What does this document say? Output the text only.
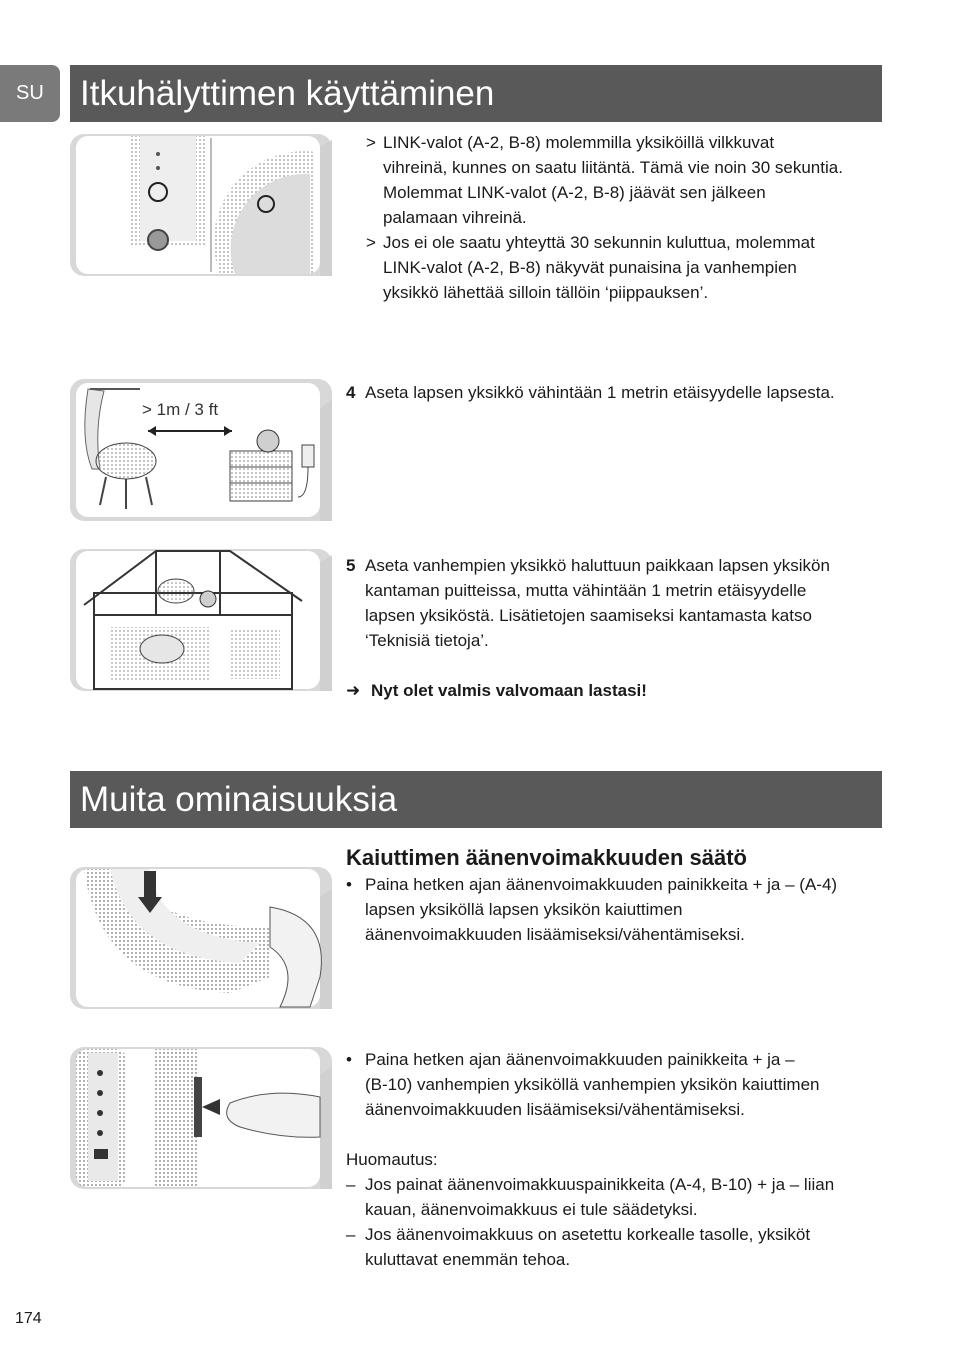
SU	Itkuhälyttimen käyttäminen
> LINK-valot (A-2, B-8) molemmilla yksiköillä vilkkuvat

vihreinä, kunnes on saatu liitäntä. Tämä vie noin 30 sekuntia.

Molemmat LINK-valot (A-2, B-8) jäävät sen jälkeen

palamaan vihreinä.

> Jos ei ole saatu yhteyttä 30 sekunnin kuluttua, molemmat

LINK-valot (A-2, B-8) näkyvät punaisina ja vanhempien

yksikkö lähettää silloin tällöin ‘piippauksen’.

> 1m / 3 ft
4 Aseta lapsen yksikkö vähintään 1 metrin etäisyydelle lapsesta.

5 Aseta vanhempien yksikkö haluttuun paikkaan lapsen yksikön

kantaman puitteissa, mutta vähintään 1 metrin etäisyydelle

lapsen yksiköstä. Lisätietojen saamiseksi kantamasta katso

‘Teknisiä tietoja’.

➜ Nyt olet valmis valvomaan lastasi!

Muita ominaisuuksia

Kaiuttimen äänenvoimakkuuden säätö

• Paina hetken ajan äänenvoimakkuuden painikkeita + ja – (A-4)

lapsen yksiköllä lapsen yksikön kaiuttimen

äänenvoimakkuuden lisäämiseksi/vähentämiseksi.

• Paina hetken ajan äänenvoimakkuuden painikkeita + ja –

(B-10) vanhempien yksiköllä vanhempien yksikön kaiuttimen

äänenvoimakkuuden lisäämiseksi/vähentämiseksi.

Huomautus:

– Jos painat äänenvoimakkuuspainikkeita (A-4, B-10) + ja – liian

kauan, äänenvoimakkuus ei tule säädetyksi.

– Jos äänenvoimakkuus on asetettu korkealle tasolle, yksiköt

kuluttavat enemmän tehoa.

174
